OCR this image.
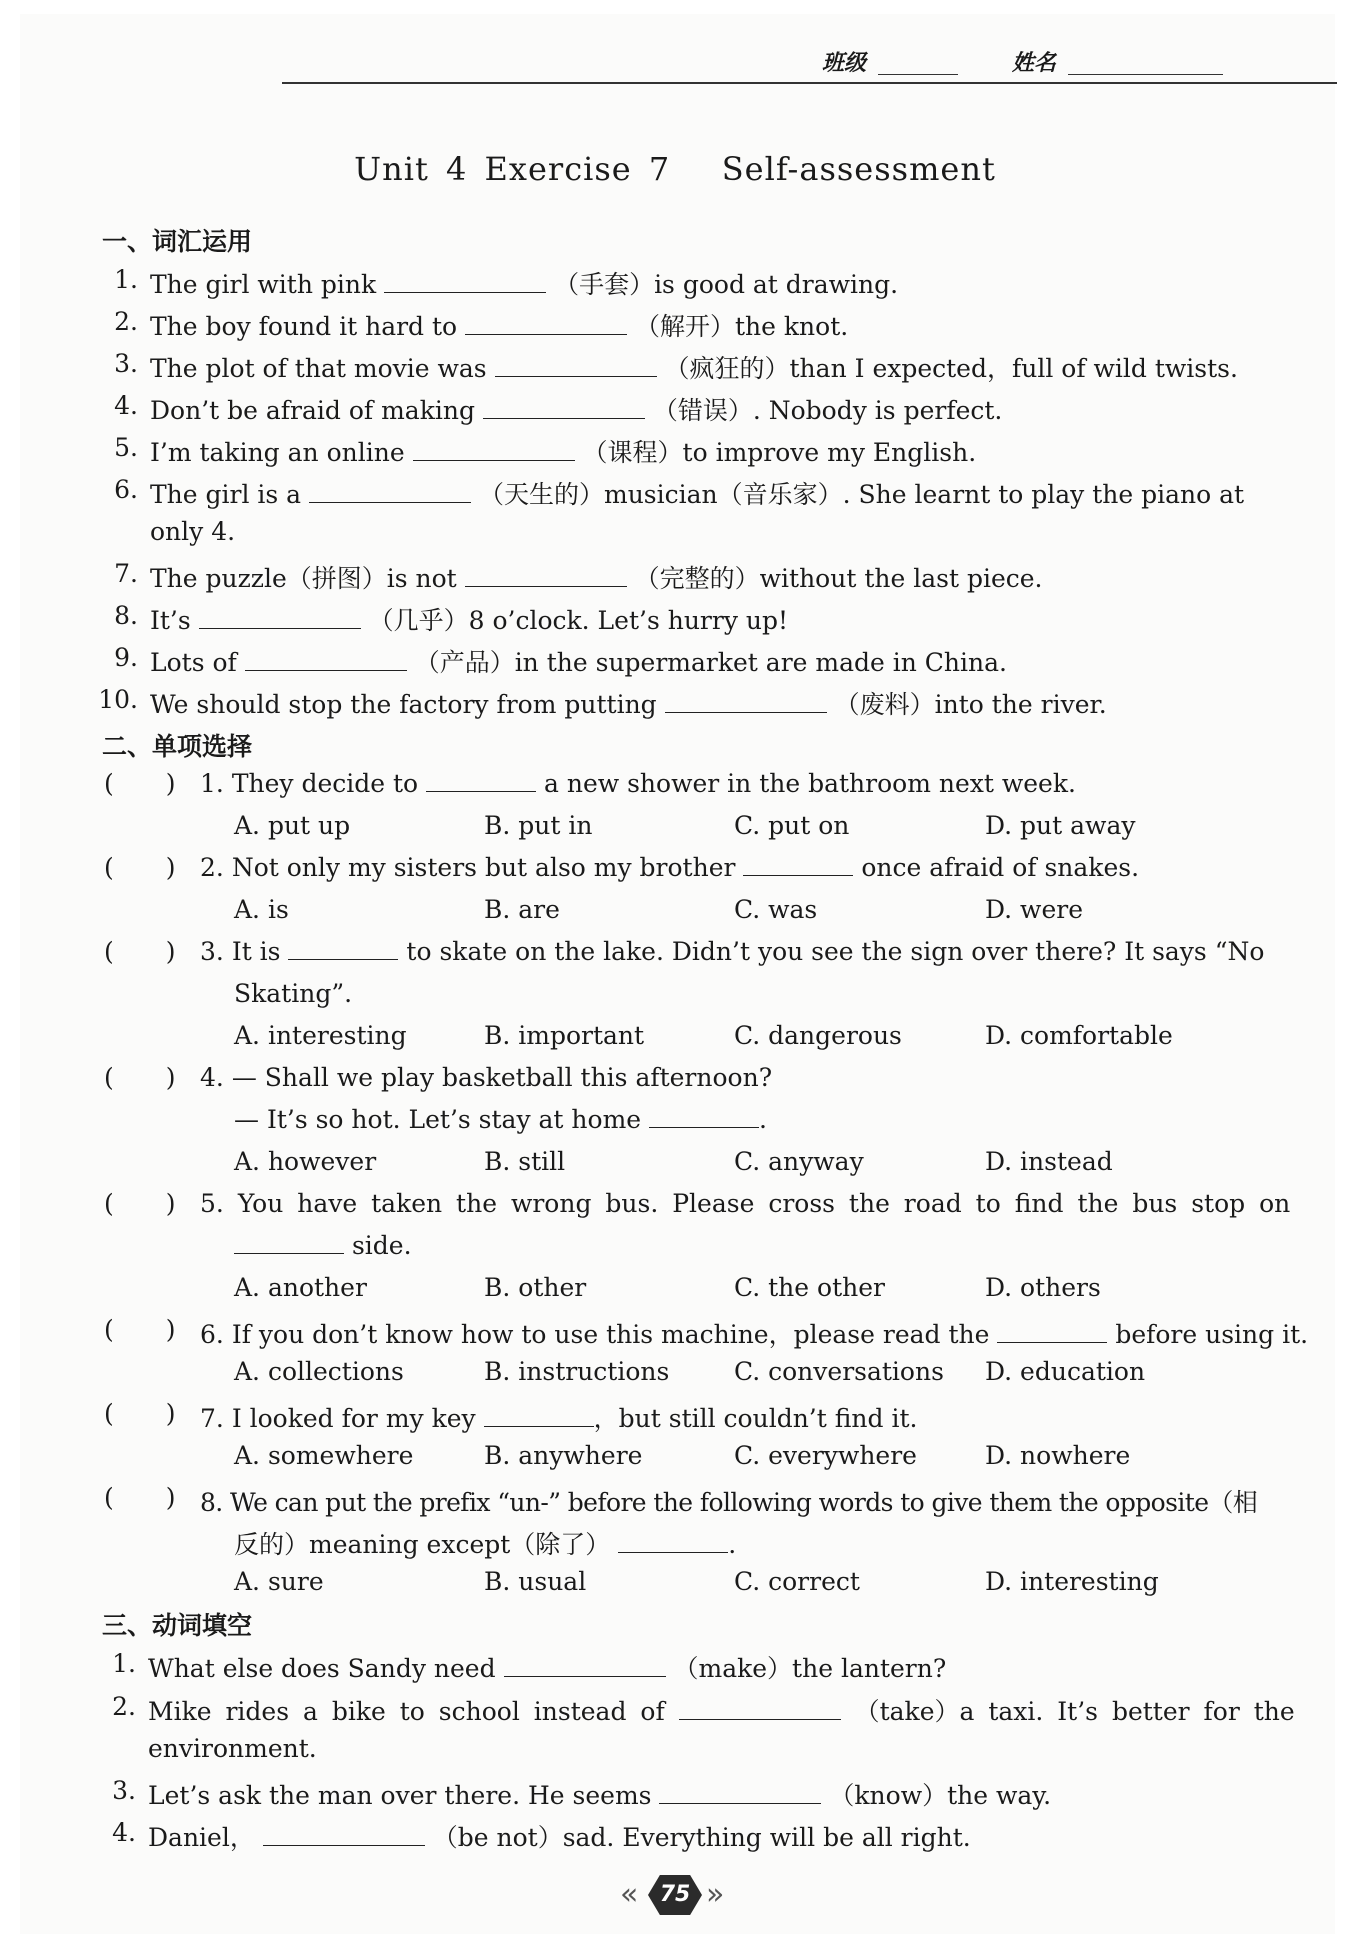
班级	姓名
Unit 4 Exercise 7   Self-assessment
一、词汇运用
1. The girl with pink	（手套）is good at drawing.
2. The boy found it hard to	（解开）the knot.
3. The plot of that movie was	（疯狂的）than I expected，full of wild twists.
4. Don’t be afraid of making	（错误）. Nobody is perfect.
5. I’m taking an online	（课程）to improve my English.
6. The girl is a	（天生的）musician（音乐家）. She learnt to play the piano at
only 4.
7. The puzzle（拼图）is not	（完整的）without the last piece.
8. It’s	（几乎）8 o’clock. Let’s hurry up!
9. Lots of	（产品）in the supermarket are made in China.
10. We should stop the factory from putting	（废料）into the river.
二、单项选择
( ) 1. They decide to	a new shower in the bathroom next week.
A. put up	B. put in	C. put on	D. put away
( ) 2. Not only my sisters but also my brother	once afraid of snakes.
A. is	B. are	C. was	D. were
( ) 3. It is	to skate on the lake. Didn’t you see the sign over there? It says “No
Skating”.
A. interesting	B. important	C. dangerous	D. comfortable
( ) 4. — Shall we play basketball this afternoon?
— It’s so hot. Let’s stay at home	.
A. however	B. still	C. anyway	D. instead
( ) 5. You have taken the wrong bus. Please cross the road to find the bus stop on
side.
A. another	B. other	C. the other	D. others
( ) 6. If you don’t know how to use this machine，please read the	before using it.
A. collections	B. instructions	C. conversations D. education
( ) 7. I looked for my key	，but still couldn’t find it.
A. somewhere	B. anywhere	C. everywhere	D. nowhere
( ) 8. We can put the prefix “un-” before the following words to give them the opposite（相
反的）meaning except（除了）	.
A. sure	B. usual	C. correct	D. interesting
三、动词填空
1. What else does Sandy need	（make）the lantern?
2. Mike rides a bike to school instead of	（take）a taxi. It’s better for the
environment.
3. Let’s ask the man over there. He seems	（know）the way.
4. Daniel，	（be not）sad. Everything will be all right.
« 75 »
